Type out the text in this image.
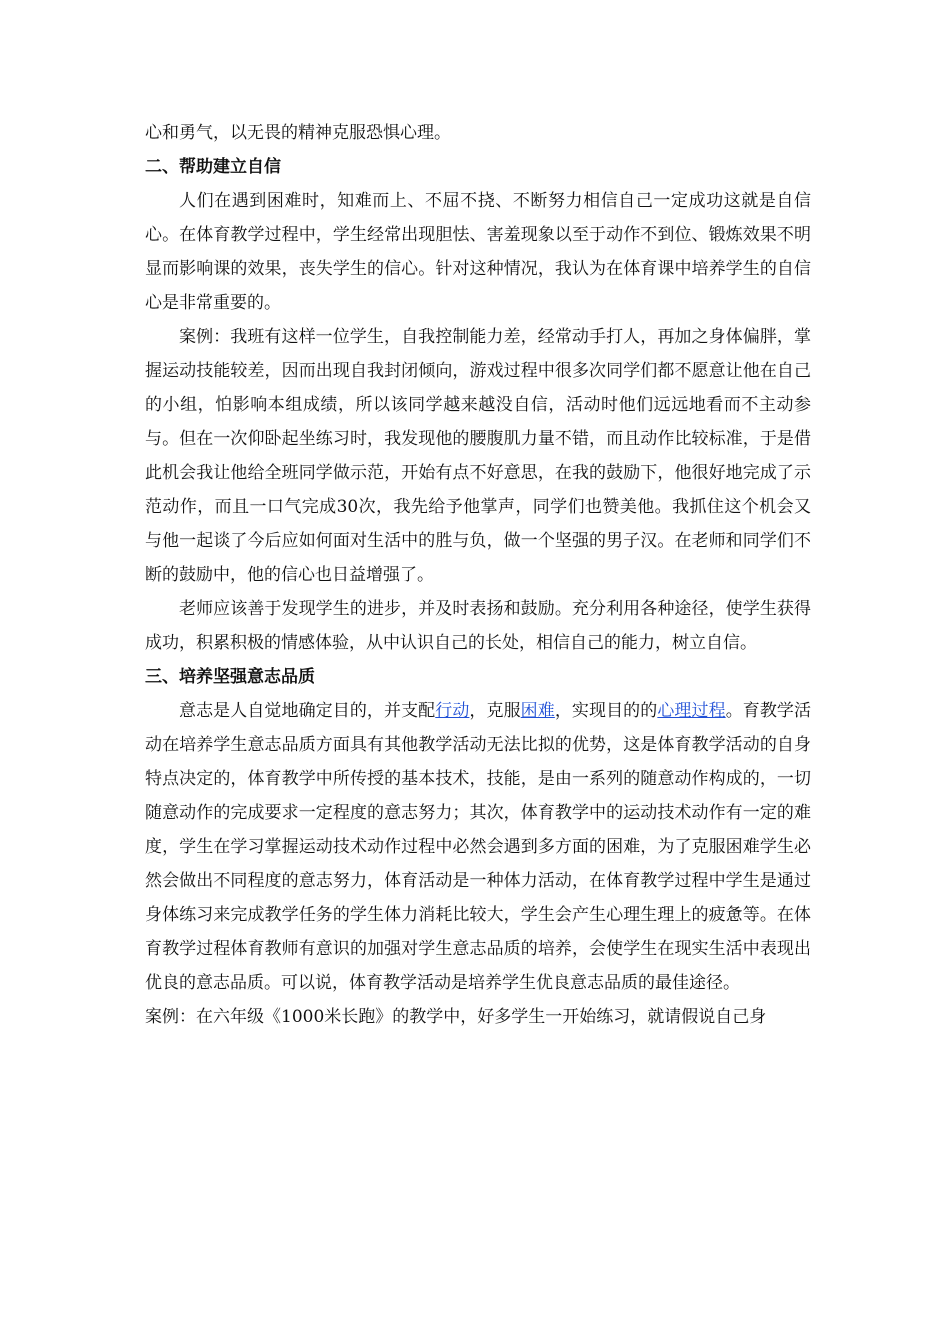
心和勇气，以无畏的精神克服恐惧心理。

二、帮助建立自信

人们在遇到困难时，知难而上、不屈不挠、不断努力相信自己一定成功这就是自信心。在体育教学过程中，学生经常出现胆怯、害羞现象以至于动作不到位、锻炼效果不明显而影响课的效果，丧失学生的信心。针对这种情况，我认为在体育课中培养学生的自信心是非常重要的。

案例：我班有这样一位学生，自我控制能力差，经常动手打人，再加之身体偏胖，掌握运动技能较差，因而出现自我封闭倾向，游戏过程中很多次同学们都不愿意让他在自己的小组，怕影响本组成绩，所以该同学越来越没自信，活动时他们远远地看而不主动参与。但在一次仰卧起坐练习时，我发现他的腰腹肌力量不错，而且动作比较标准，于是借此机会我让他给全班同学做示范，开始有点不好意思，在我的鼓励下，他很好地完成了示范动作，而且一口气完成30次，我先给予他掌声，同学们也赞美他。我抓住这个机会又与他一起谈了今后应如何面对生活中的胜与负，做一个坚强的男子汉。在老师和同学们不断的鼓励中，他的信心也日益增强了。

老师应该善于发现学生的进步，并及时表扬和鼓励。充分利用各种途径，使学生获得成功，积累积极的情感体验，从中认识自己的长处，相信自己的能力，树立自信。

三、培养坚强意志品质

意志是人自觉地确定目的，并支配行动，克服困难，实现目的的心理过程。育教学活动在培养学生意志品质方面具有其他教学活动无法比拟的优势，这是体育教学活动的自身特点决定的，体育教学中所传授的基本技术，技能，是由一系列的随意动作构成的，一切随意动作的完成要求一定程度的意志努力；其次，体育教学中的运动技术动作有一定的难度，学生在学习掌握运动技术动作过程中必然会遇到多方面的困难，为了克服困难学生必然会做出不同程度的意志努力，体育活动是一种体力活动，在体育教学过程中学生是通过身体练习来完成教学任务的学生体力消耗比较大，学生会产生心理生理上的疲惫等。在体育教学过程体育教师有意识的加强对学生意志品质的培养，会使学生在现实生活中表现出优良的意志品质。可以说，体育教学活动是培养学生优良意志品质的最佳途径。

案例：在六年级《1000米长跑》的教学中，好多学生一开始练习，就请假说自己身
